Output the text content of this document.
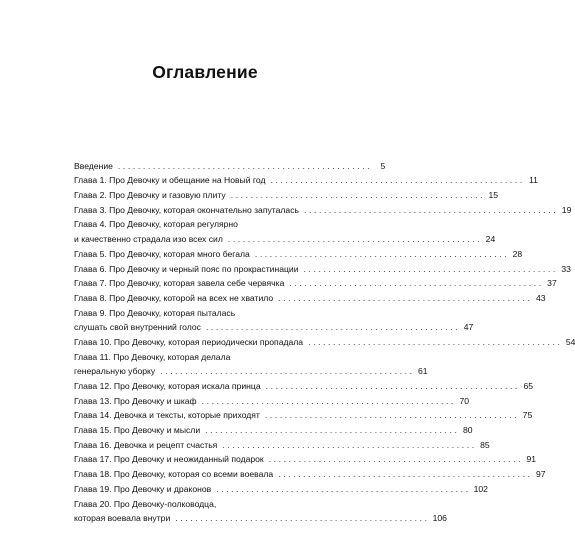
Оглавление
Введение ................................................... 5
Глава 1. Про Девочку и обещание на Новый год ................................................... 11
Глава 2. Про Девочку и газовую плиту ................................................... 15
Глава 3. Про Девочку, которая окончательно запуталась ................................................... 19
Глава 4. Про Девочку, которая регулярно
и качественно страдала изо всех сил ................................................... 24
Глава 5. Про Девочку, которая много бегала ................................................... 28
Глава 6. Про Девочку и черный пояс по прокрастинации ................................................... 33
Глава 7. Про Девочку, которая завела себе червячка ................................................... 37
Глава 8. Про Девочку, которой на всех не хватило ................................................... 43
Глава 9. Про Девочку, которая пыталась
слушать свой внутренний голос ................................................... 47
Глава 10. Про Девочку, которая периодически пропадала ................................................... 54
Глава 11. Про Девочку, которая делала
генеральную уборку ................................................... 61
Глава 12. Про Девочку, которая искала принца ................................................... 65
Глава 13. Про Девочку и шкаф ................................................... 70
Глава 14. Девочка и тексты, которые приходят ................................................... 75
Глава 15. Про Девочку и мысли ................................................... 80
Глава 16. Девочка и рецепт счастья ................................................... 85
Глава 17. Про Девочку и неожиданный подарок ................................................... 91
Глава 18. Про Девочку, которая со всеми воевала ................................................... 97
Глава 19. Про Девочку и драконов ................................................... 102
Глава 20. Про Девочку-полководца,
которая воевала внутри ................................................... 106
